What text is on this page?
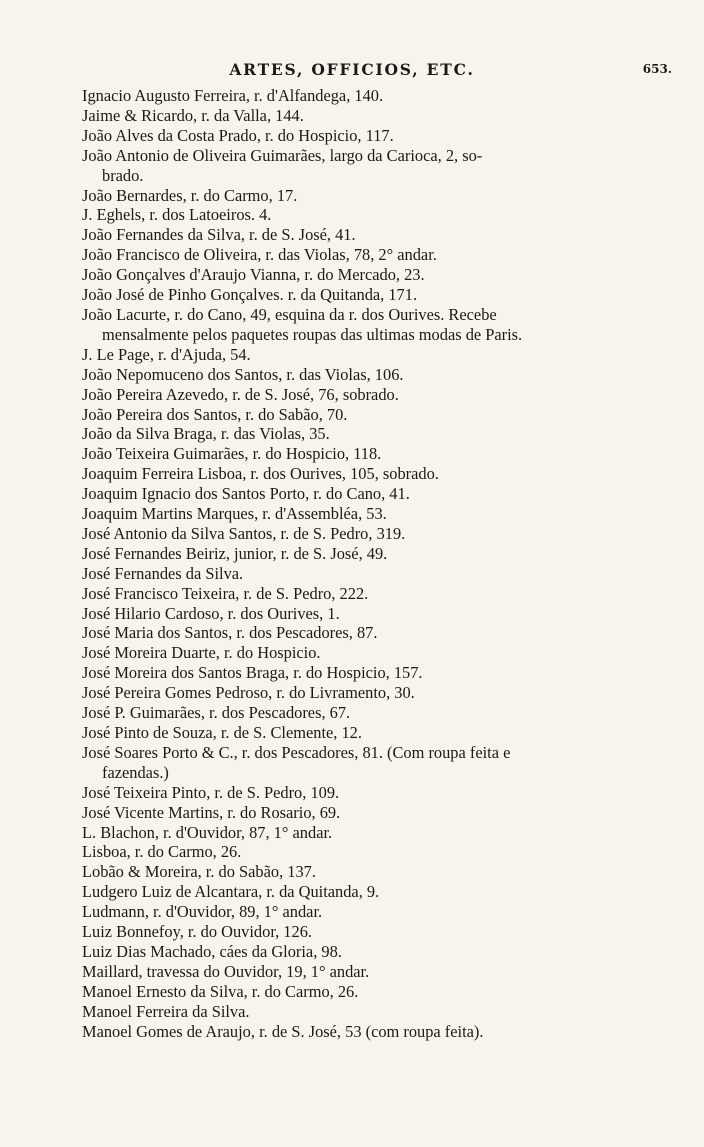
ARTES, OFFICIOS, ETC.	653.
Ignacio Augusto Ferreira, r. d'Alfandega, 140.
Jaime & Ricardo, r. da Valla, 144.
João Alves da Costa Prado, r. do Hospicio, 117.
João Antonio de Oliveira Guimarães, largo da Carioca, 2, so-
brado.
João Bernardes, r. do Carmo, 17.
J. Eghels, r. dos Latoeiros. 4.
João Fernandes da Silva, r. de S. José, 41.
João Francisco de Oliveira, r. das Violas, 78, 2° andar.
João Gonçalves d'Araujo Vianna, r. do Mercado, 23.
João José de Pinho Gonçalves. r. da Quitanda, 171.
João Lacurte, r. do Cano, 49, esquina da r. dos Ourives. Recebe
mensalmente pelos paquetes roupas das ultimas modas de Paris.
J. Le Page, r. d'Ajuda, 54.
João Nepomuceno dos Santos, r. das Violas, 106.
João Pereira Azevedo, r. de S. José, 76, sobrado.
João Pereira dos Santos, r. do Sabão, 70.
João da Silva Braga, r. das Violas, 35.
João Teixeira Guimarães, r. do Hospicio, 118.
Joaquim Ferreira Lisboa, r. dos Ourives, 105, sobrado.
Joaquim Ignacio dos Santos Porto, r. do Cano, 41.
Joaquim Martins Marques, r. d'Assembléa, 53.
José Antonio da Silva Santos, r. de S. Pedro, 319.
José Fernandes Beiriz, junior, r. de S. José, 49.
José Fernandes da Silva.
José Francisco Teixeira, r. de S. Pedro, 222.
José Hilario Cardoso, r. dos Ourives, 1.
José Maria dos Santos, r. dos Pescadores, 87.
José Moreira Duarte, r. do Hospicio.
José Moreira dos Santos Braga, r. do Hospicio, 157.
José Pereira Gomes Pedroso, r. do Livramento, 30.
José P. Guimarães, r. dos Pescadores, 67.
José Pinto de Souza, r. de S. Clemente, 12.
José Soares Porto & C., r. dos Pescadores, 81. (Com roupa feita e
fazendas.)
José Teixeira Pinto, r. de S. Pedro, 109.
José Vicente Martins, r. do Rosario, 69.
L. Blachon, r. d'Ouvidor, 87, 1° andar.
Lisboa, r. do Carmo, 26.
Lobão & Moreira, r. do Sabão, 137.
Ludgero Luiz de Alcantara, r. da Quitanda, 9.
Ludmann, r. d'Ouvidor, 89, 1° andar.
Luiz Bonnefoy, r. do Ouvidor, 126.
Luiz Dias Machado, cáes da Gloria, 98.
Maillard, travessa do Ouvidor, 19, 1° andar.
Manoel Ernesto da Silva, r. do Carmo, 26.
Manoel Ferreira da Silva.
Manoel Gomes de Araujo, r. de S. José, 53 (com roupa feita).
